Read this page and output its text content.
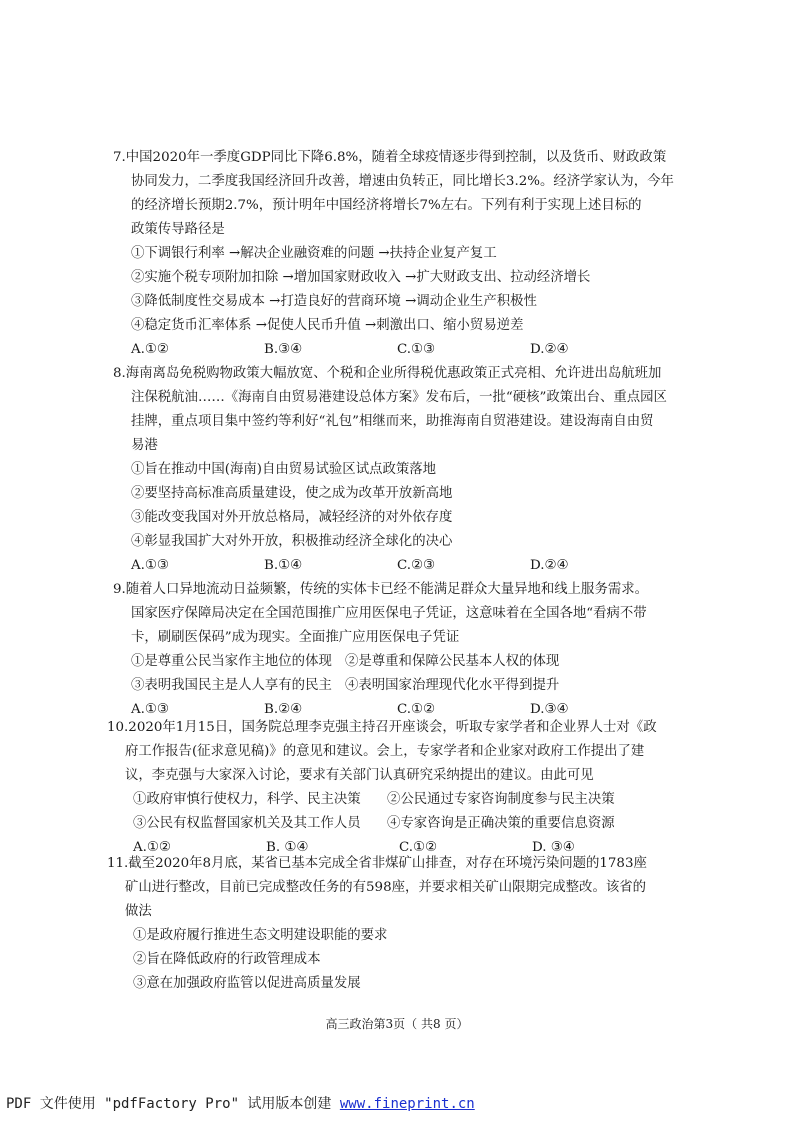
7.中国2020年一季度GDP同比下降6.8%，随着全球疫情逐步得到控制，以及货币、财政政策

协同发力，二季度我国经济回升改善，增速由负转正，同比增长3.2%。经济学家认为，今年

的经济增长预期2.7%，预计明年中国经济将增长7%左右。下列有利于实现上述目标的

政策传导路径是

①下调银行利率 →解决企业融资难的问题 →扶持企业复产复工

②实施个税专项附加扣除 →增加国家财政收入 →扩大财政支出、拉动经济增长

③降低制度性交易成本 →打造良好的营商环境 →调动企业生产积极性

④稳定货币汇率体系 →促使人民币升值 →刺激出口、缩小贸易逆差

A.①②	B.③④	C.①③	D.②④

8.海南离岛免税购物政策大幅放宽、个税和企业所得税优惠政策正式亮相、允许进出岛航班加

注保税航油……《海南自由贸易港建设总体方案》发布后，一批“硬核”政策出台、重点园区

挂牌，重点项目集中签约等利好“礼包”相继而来，助推海南自贸港建设。建设海南自由贸

易港

①旨在推动中国(海南)自由贸易试验区试点政策落地

②要坚持高标准高质量建设，使之成为改革开放新高地

③能改变我国对外开放总格局，减轻经济的对外依存度

④彰显我国扩大对外开放，积极推动经济全球化的决心

A.①③	B.①④	C.②③	D.②④

9.随着人口异地流动日益频繁，传统的实体卡已经不能满足群众大量异地和线上服务需求。

国家医疗保障局决定在全国范围推广应用医保电子凭证，这意味着在全国各地“看病不带

卡，刷刷医保码”成为现实。全面推广应用医保电子凭证

①是尊重公民当家作主地位的体现 ②是尊重和保障公民基本人权的体现
③表明我国民主是人人享有的民主 ④表明国家治理现代化水平得到提升
A.①③	B.②④	C.①②	D.③④

10.2020年1月15日，国务院总理李克强主持召开座谈会，听取专家学者和企业界人士对《政

府工作报告(征求意见稿)》的意见和建议。会上，专家学者和企业家对政府工作提出了建

议，李克强与大家深入讨论，要求有关部门认真研究采纳提出的建议。由此可见

①政府审慎行使权力，科学、民主决策	②公民通过专家咨询制度参与民主决策
③公民有权监督国家机关及其工作人员	④专家咨询是正确决策的重要信息资源
A.①②	B. ①④	C.①②	D. ③④

11.截至2020年8月底，某省已基本完成全省非煤矿山排查，对存在环境污染问题的1783座

矿山进行整改，目前已完成整改任务的有598座，并要求相关矿山限期完成整改。该省的

做法

①是政府履行推进生态文明建设职能的要求

②旨在降低政府的行政管理成本

③意在加强政府监管以促进高质量发展

高三政治第3页（ 共8 页）
PDF 文件使用 "pdfFactory Pro" 试用版本创建 www.fineprint.cn
